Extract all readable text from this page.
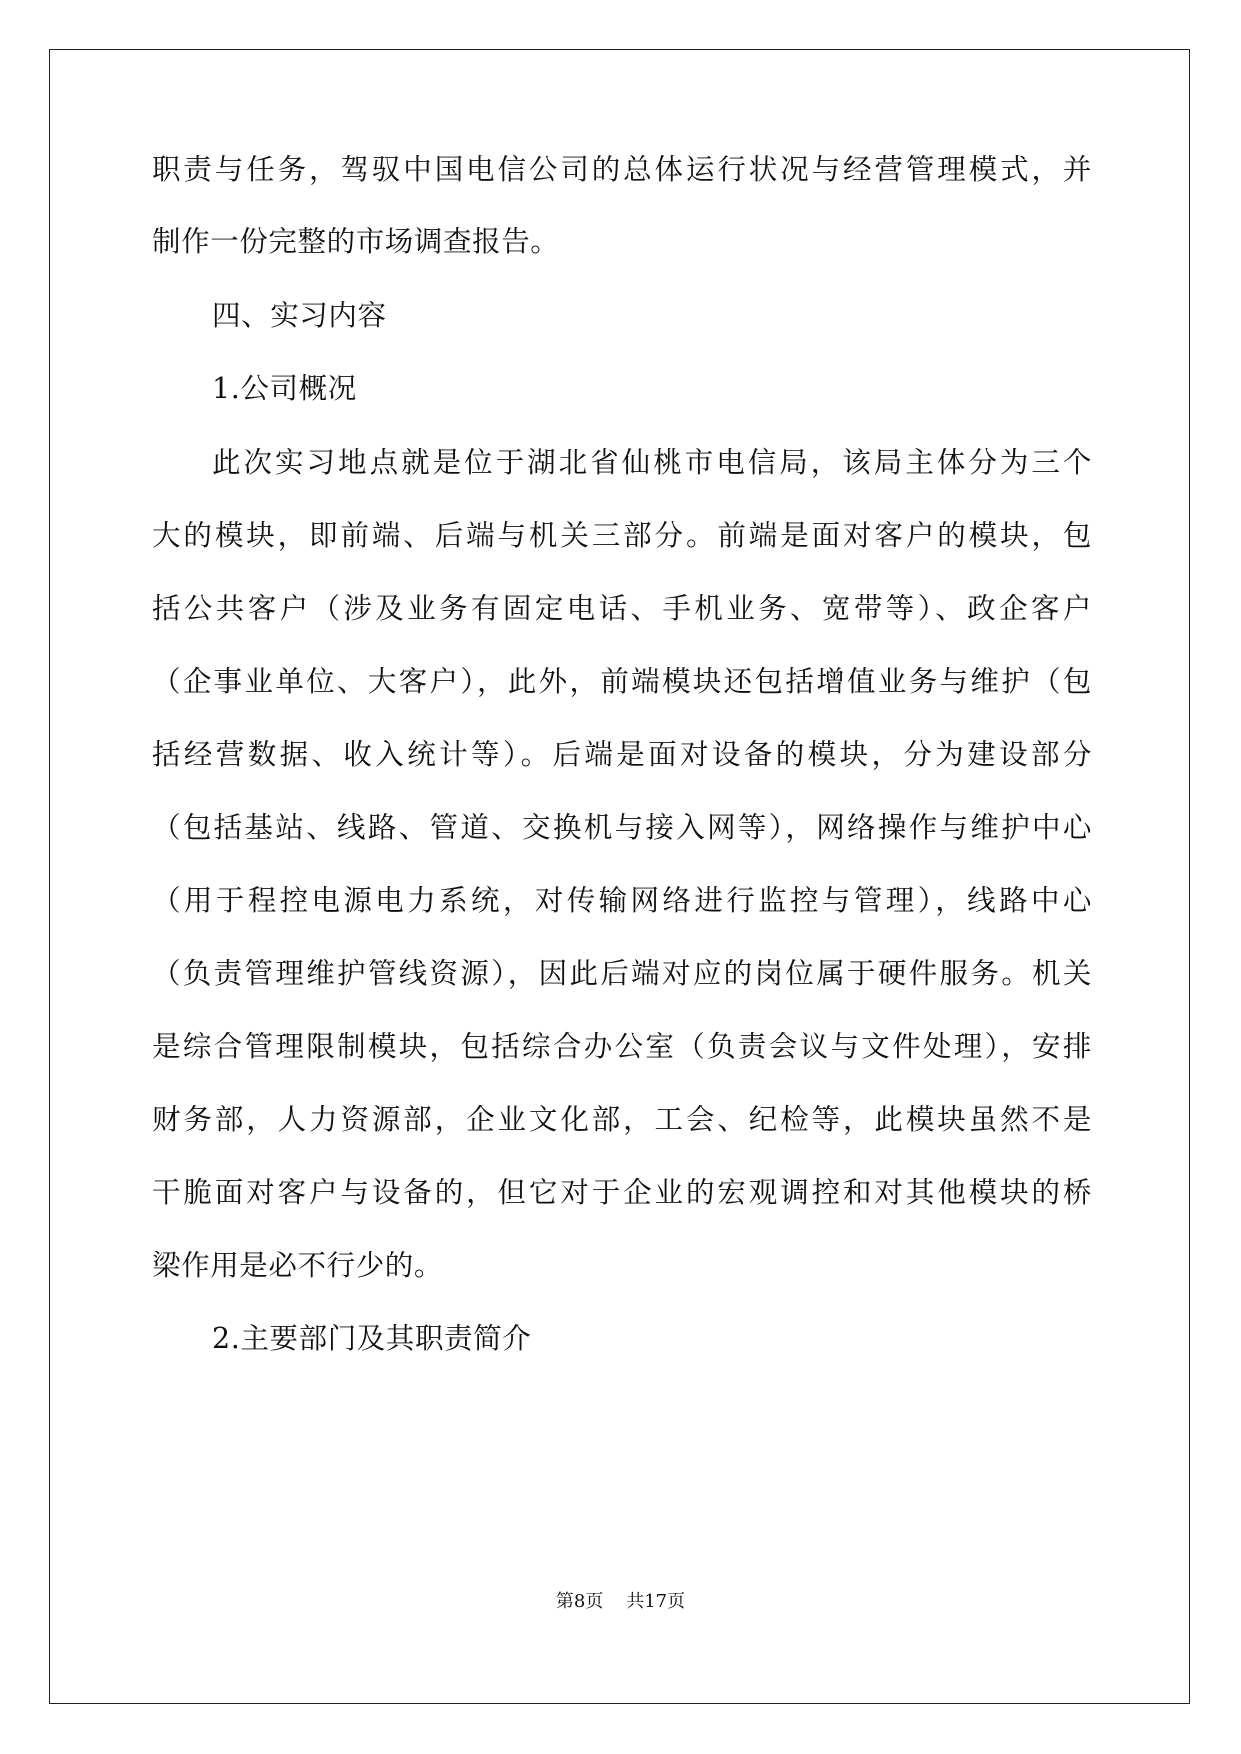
职责与任务，驾驭中国电信公司的总体运行状况与经营管理模式，并
制作一份完整的市场调查报告。
四、实习内容
1.公司概况
此次实习地点就是位于湖北省仙桃市电信局，该局主体分为三个
大的模块，即前端、后端与机关三部分。前端是面对客户的模块，包
括公共客户（涉及业务有固定电话、手机业务、宽带等）、政企客户
（企事业单位、大客户），此外，前端模块还包括增值业务与维护（包
括经营数据、收入统计等）。后端是面对设备的模块，分为建设部分
（包括基站、线路、管道、交换机与接入网等），网络操作与维护中心
（用于程控电源电力系统，对传输网络进行监控与管理），线路中心
（负责管理维护管线资源），因此后端对应的岗位属于硬件服务。机关
是综合管理限制模块，包括综合办公室（负责会议与文件处理），安排
财务部，人力资源部，企业文化部，工会、纪检等，此模块虽然不是
干脆面对客户与设备的，但它对于企业的宏观调控和对其他模块的桥
梁作用是必不行少的。
2.主要部门及其职责简介
第8页 共17页
